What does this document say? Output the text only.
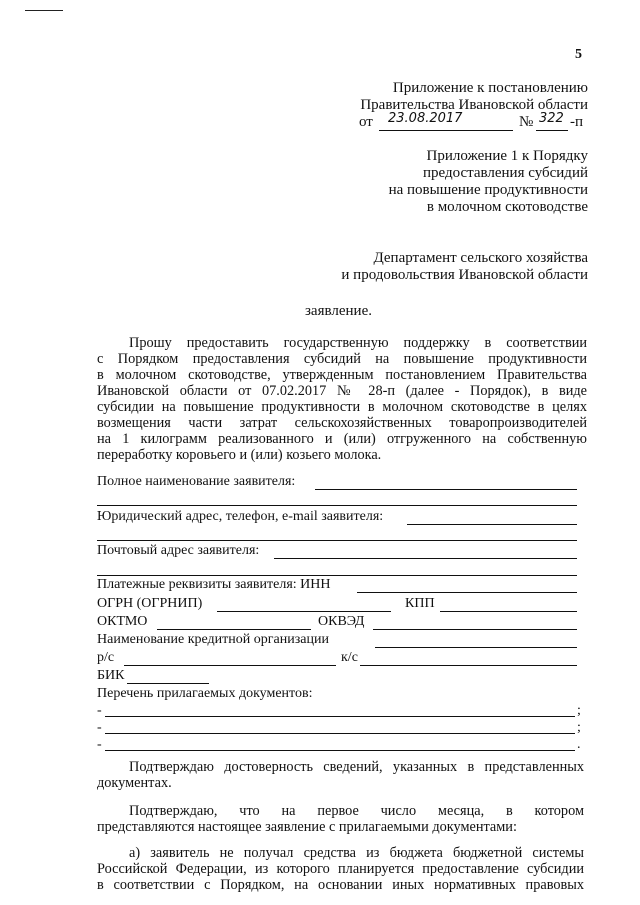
5
Приложение к постановлению
Правительства Ивановской области
от 23.08.2017	№ 322 -п
Приложение 1 к Порядку
предоставления субсидий
на повышение продуктивности
в молочном скотоводстве
Департамент сельского хозяйства
и продовольствия Ивановской области
заявление.
Прошу предоставить государственную поддержку в соответствии
с Порядком предоставления субсидий на повышение продуктивности
в молочном скотоводстве, утвержденным постановлением Правительства
Ивановской области от 07.02.2017 № 28-п (далее - Порядок), в виде
субсидии на повышение продуктивности в молочном скотоводстве в целях
возмещения части затрат сельскохозяйственных товаропроизводителей
на 1 килограмм реализованного и (или) отгруженного на собственную
переработку коровьего и (или) козьего молока.
Полное наименование заявителя:
Юридический адрес, телефон, e-mail заявителя:
Почтовый адрес заявителя:
Платежные реквизиты заявителя: ИНН
ОГРН (ОГРНИП)	КПП
ОКТМО	ОКВЭД
Наименование кредитной организации
р/с	к/с
БИК
Перечень прилагаемых документов:
-	;
-	;
-	.
Подтверждаю достоверность сведений, указанных в представленных
документах.
Подтверждаю, что на первое число месяца, в котором
представляются настоящее заявление с прилагаемыми документами:
а) заявитель не получал средства из бюджета бюджетной системы
Российской Федерации, из которого планируется предоставление субсидии
в соответствии с Порядком, на основании иных нормативных правовых
